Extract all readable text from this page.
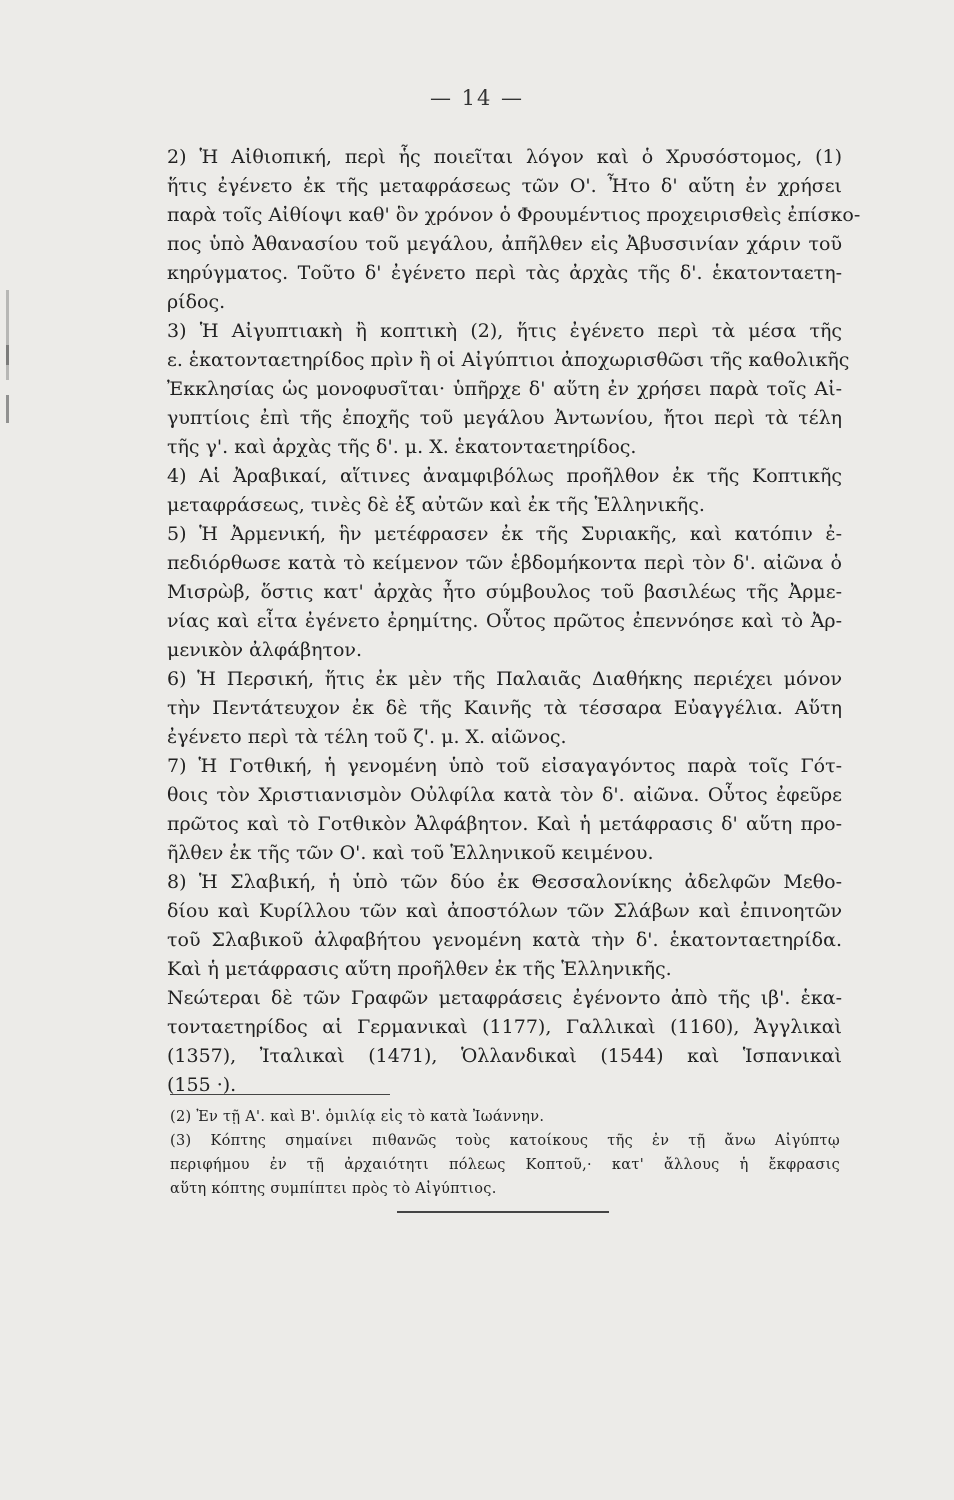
— 14 —
2) Ἡ Αἰθιοπική, περὶ ἧς ποιεῖται λόγον καὶ ὁ Χρυσόστομος, (1)
ἥτις ἐγένετο ἐκ τῆς μεταφράσεως τῶν Ο'. Ἦτο δ' αὕτη ἐν χρήσει
παρὰ τοῖς Αἰθίοψι καθ' ὃν χρόνον ὁ Φρουμέντιος προχειρισθεὶς ἐπίσκο-
πος ὑπὸ Ἀθανασίου τοῦ μεγάλου, ἀπῆλθεν εἰς Ἀβυσσινίαν χάριν τοῦ
κηρύγματος. Τοῦτο δ' ἐγένετο περὶ τὰς ἀρχὰς τῆς δ'. ἑκατονταετη-
ρίδος.
3) Ἡ Αἰγυπτιακὴ ἢ κοπτικὴ (2), ἥτις ἐγένετο περὶ τὰ μέσα τῆς
ε. ἑκατονταετηρίδος πρὶν ἢ οἱ Αἰγύπτιοι ἀποχωρισθῶσι τῆς καθολικῆς
Ἐκκλησίας ὡς μονοφυσῖται· ὑπῆρχε δ' αὕτη ἐν χρήσει παρὰ τοῖς Αἰ-
γυπτίοις ἐπὶ τῆς ἐποχῆς τοῦ μεγάλου Ἀντωνίου, ἤτοι περὶ τὰ τέλη
τῆς γ'. καὶ ἀρχὰς τῆς δ'. μ. Χ. ἑκατονταετηρίδος.
4) Αἱ Ἀραβικαί, αἵτινες ἀναμφιβόλως προῆλθον ἐκ τῆς Κοπτικῆς
μεταφράσεως, τινὲς δὲ ἐξ αὐτῶν καὶ ἐκ τῆς Ἑλληνικῆς.
5) Ἡ Ἀρμενική, ἣν μετέφρασεν ἐκ τῆς Συριακῆς, καὶ κατόπιν ἐ-
πεδιόρθωσε κατὰ τὸ κείμενον τῶν ἑβδομήκοντα περὶ τὸν δ'. αἰῶνα ὁ
Μισρὼβ, ὅστις κατ' ἀρχὰς ἦτο σύμβουλος τοῦ βασιλέως τῆς Ἀρμε-
νίας καὶ εἶτα ἐγένετο ἐρημίτης. Οὗτος πρῶτος ἐπεννόησε καὶ τὸ Ἀρ-
μενικὸν ἀλφάβητον.
6) Ἡ Περσική, ἥτις ἐκ μὲν τῆς Παλαιᾶς Διαθήκης περιέχει μόνον
τὴν Πεντάτευχον ἐκ δὲ τῆς Καινῆς τὰ τέσσαρα Εὐαγγέλια. Αὕτη
ἐγένετο περὶ τὰ τέλη τοῦ ζ'. μ. Χ. αἰῶνος.
7) Ἡ Γοτθική, ἡ γενομένη ὑπὸ τοῦ εἰσαγαγόντος παρὰ τοῖς Γότ-
θοις τὸν Χριστιανισμὸν Οὐλφίλα κατὰ τὸν δ'. αἰῶνα. Οὗτος ἐφεῦρε
πρῶτος καὶ τὸ Γοτθικὸν Ἀλφάβητον. Καὶ ἡ μετάφρασις δ' αὕτη προ-
ῆλθεν ἐκ τῆς τῶν Ο'. καὶ τοῦ Ἑλληνικοῦ κειμένου.
8) Ἡ Σλαβική, ἡ ὑπὸ τῶν δύο ἐκ Θεσσαλονίκης ἀδελφῶν Μεθο-
δίου καὶ Κυρίλλου τῶν καὶ ἀποστόλων τῶν Σλάβων καὶ ἐπινοητῶν
τοῦ Σλαβικοῦ ἀλφαβήτου γενομένη κατὰ τὴν δ'. ἑκατονταετηρίδα.
Καὶ ἡ μετάφρασις αὕτη προῆλθεν ἐκ τῆς Ἑλληνικῆς.
Νεώτεραι δὲ τῶν Γραφῶν μεταφράσεις ἐγένοντο ἀπὸ τῆς ιβ'. ἑκα-
τονταετηρίδος αἱ Γερμανικαὶ (1177), Γαλλικαὶ (1160), Ἀγγλικαὶ
(1357), Ἰταλικαὶ (1471), Ὁλλανδικαὶ (1544) καὶ Ἱσπανικαὶ
(155 ·).
(2) Ἐν τῇ Α'. καὶ Β'. ὁμιλίᾳ εἰς τὸ κατὰ Ἰωάννην.
(3) Κόπτης σημαίνει πιθανῶς τοὺς κατοίκους τῆς ἐν τῇ ἄνω Αἰγύπτῳ
περιφήμου ἐν τῇ ἀρχαιότητι πόλεως Κοπτοῦ,· κατ' ἄλλους ἡ ἔκφρασις
αὕτη κόπτης συμπίπτει πρὸς τὸ Αἰγύπτιος.
